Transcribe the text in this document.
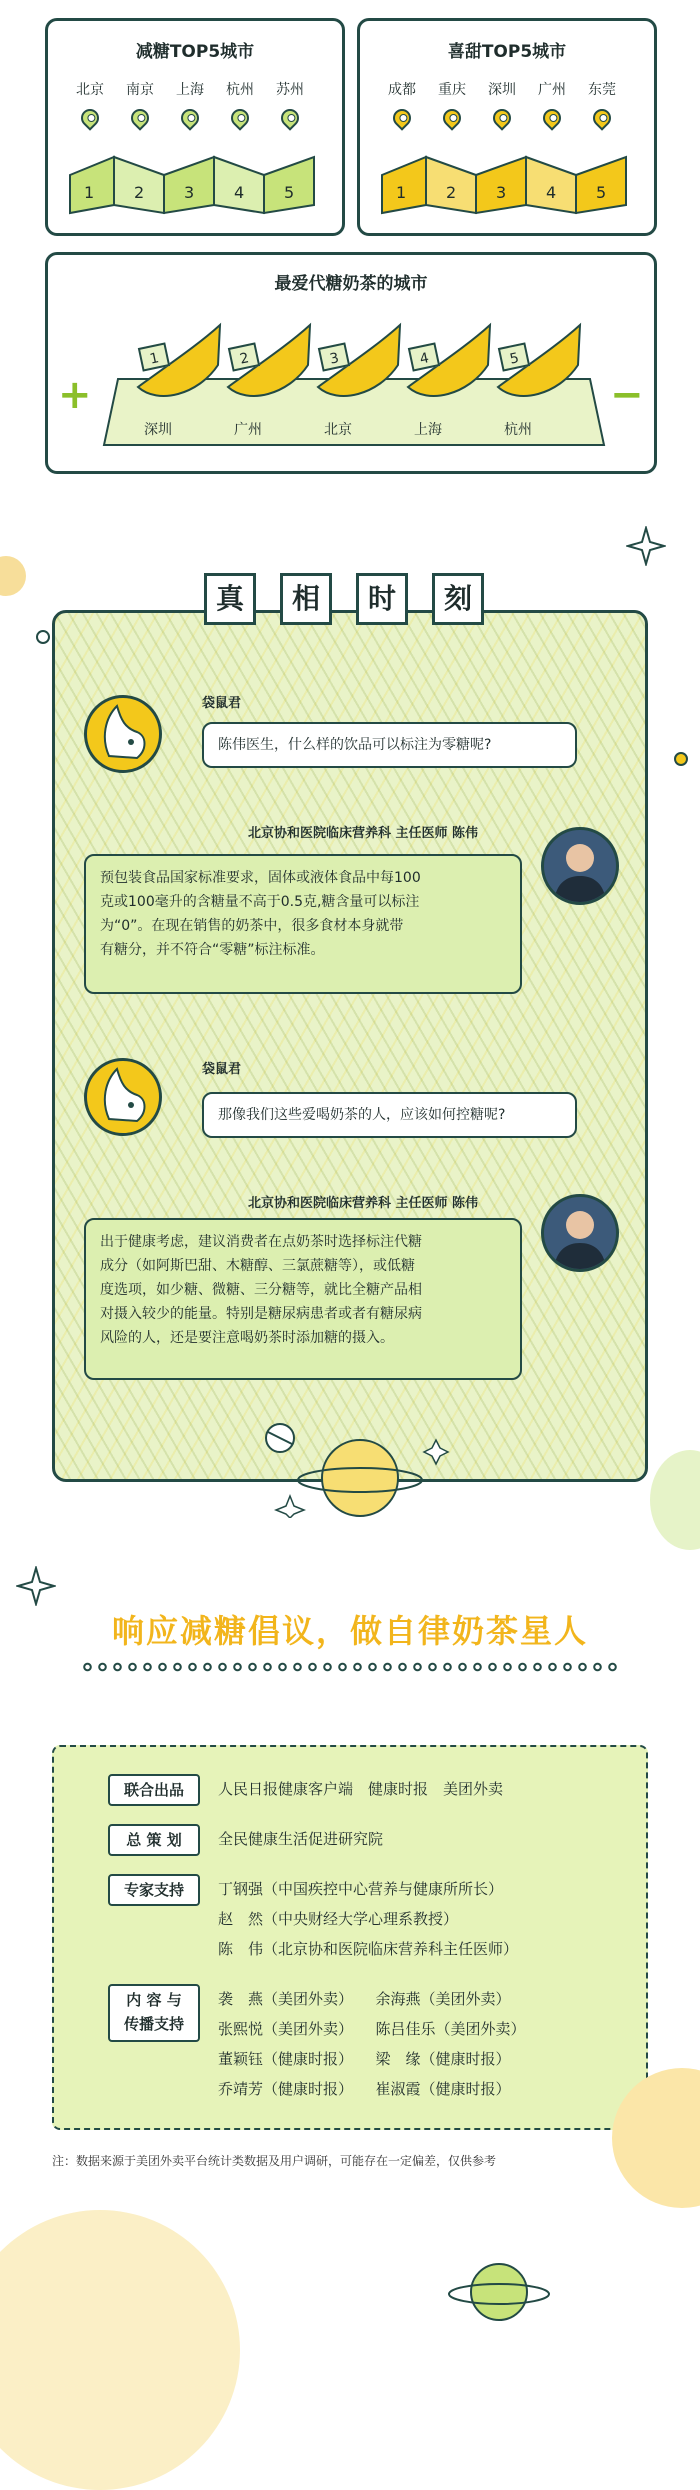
减糖TOP5城市
北京	南京	上海	杭州	苏州
1 2 3 4 5
喜甜TOP5城市
成都	重庆	深圳	广州	东莞
1 2 3 4 5
最爱代糖奶茶的城市
+	−
1	2	3	4	5
深圳	广州	北京	上海	杭州
真	相	时	刻
袋鼠君
陈伟医生，什么样的饮品可以标注为零糖呢?
北京协和医院临床营养科 主任医师 陈伟
预包装食品国家标准要求，固体或液体食品中每100
克或100毫升的含糖量不高于0.5克,糖含量可以标注
为“0”。在现在销售的奶茶中，很多食材本身就带
有糖分，并不符合“零糖”标注标准。
袋鼠君
那像我们这些爱喝奶茶的人，应该如何控糖呢?
北京协和医院临床营养科 主任医师 陈伟
出于健康考虑，建议消费者在点奶茶时选择标注代糖
成分（如阿斯巴甜、木糖醇、三氯蔗糖等），或低糖
度选项，如少糖、微糖、三分糖等，就比全糖产品相
对摄入较少的能量。特别是糖尿病患者或者有糖尿病
风险的人，还是要注意喝奶茶时添加糖的摄入。
响应减糖倡议，做自律奶茶星人
联合出品	人民日报健康客户端　健康时报　美团外卖
总 策 划	全民健康生活促进研究院
专家支持	丁钢强（中国疾控中心营养与健康所所长）
赵　然（中央财经大学心理系教授）
陈　伟（北京协和医院临床营养科主任医师）
内 容 与
传播支持
袭　燕（美团外卖）　　余海燕（美团外卖）
张熙悦（美团外卖）　　陈吕佳乐（美团外卖）
董颖钰（健康时报）　　梁　缘（健康时报）
乔靖芳（健康时报）　　崔淑霞（健康时报）
注：数据来源于美团外卖平台统计类数据及用户调研，可能存在一定偏差，仅供参考
